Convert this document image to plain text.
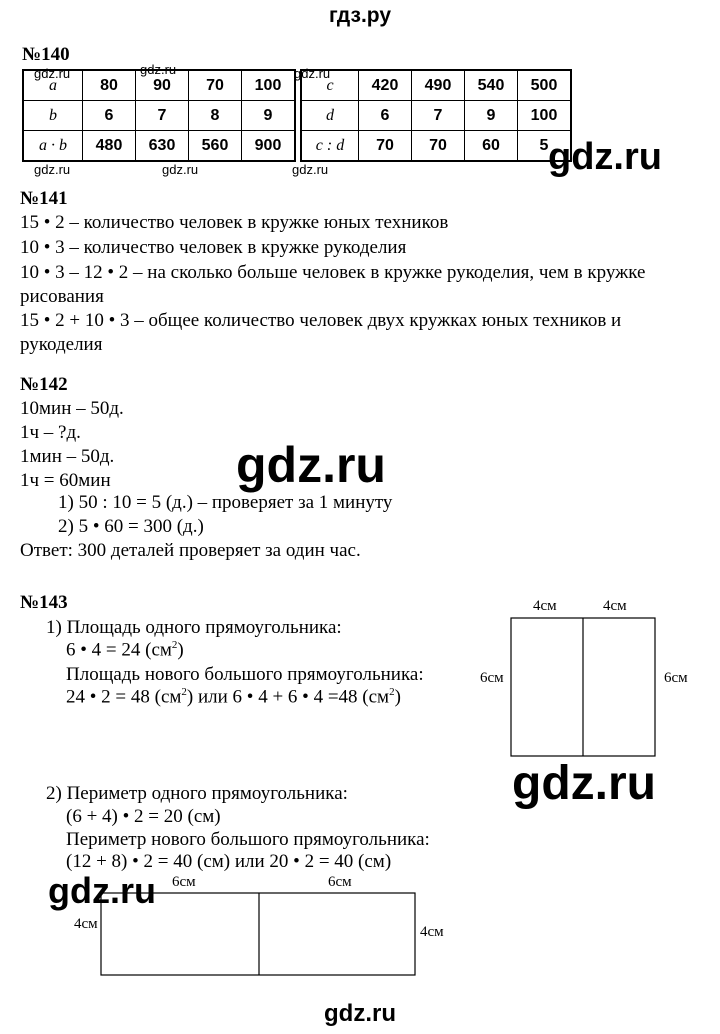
гдз.ру
№140
a	80	90	70	100
b	6	7	8	9
a · b	480	630	560	900
c	420	490	540	500
d	6	7	9	100
c : d	70	70	60	5
gdz.ru	gdz.ru	gdz.ru
gdz.ru	gdz.ru	gdz.ru	gdz.ru
№141
15 • 2 – количество человек в кружке юных техников
10 • 3 – количество человек в кружке рукоделия
10 • 3 – 12 • 2 – на сколько больше человек в кружке рукоделия, чем в кружке
рисования
15 • 2 + 10 • 3 – общее количество человек двух кружках юных техников и
рукоделия
№142
10мин – 50д.
1ч – ?д.
1мин – 50д.
1ч = 60мин
1) 50 : 10 = 5 (д.) – проверяет за 1 минуту
2) 5 • 60 = 300 (д.)
Ответ: 300 деталей проверяет за один час.
gdz.ru
№143
1) Площадь одного прямоугольника:
6 • 4 = 24 $(см^2)$
Площадь нового большого прямоугольника:
24 • 2 = 48 $(см^2)$ или 6 • 4 + 6 • 4 =48 $(см^2)$
4см	4см
6см	6см
gdz.ru
2) Периметр одного прямоугольника:
(6 + 4) • 2 = 20 (см)
Периметр нового большого прямоугольника:
(12 + 8) • 2 = 40 (см) или 20 • 2 = 40 (см)
gdz.ru 6см	6см
4см	4см
gdz.ru
